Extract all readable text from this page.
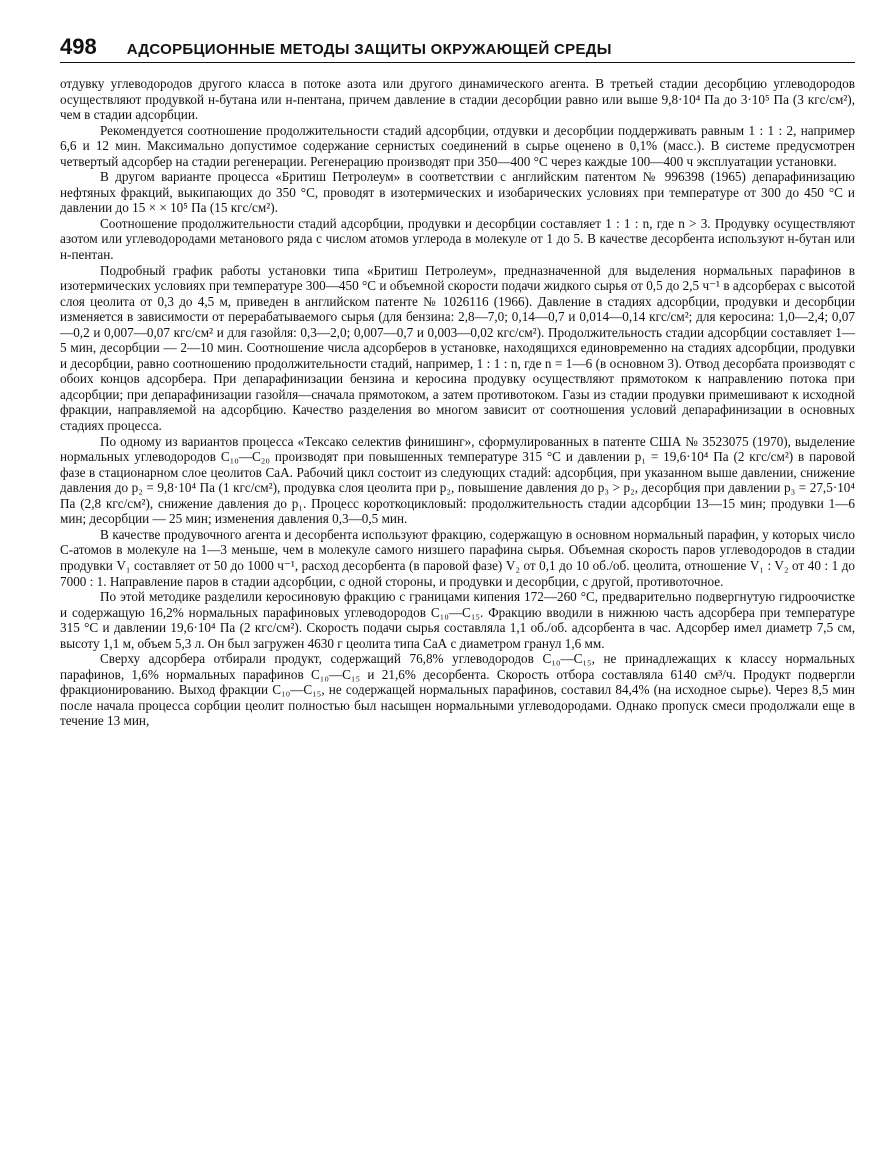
498 АДСОРБЦИОННЫЕ МЕТОДЫ ЗАЩИТЫ ОКРУЖАЮЩЕЙ СРЕДЫ

отдувку углеводородов другого класса в потоке азота или другого динамического агента. В третьей стадии десорбцию углеводородов осуществляют продувкой н-бутана или н-пентана, причем давление в стадии десорбции равно или выше 9,8·10⁴ Па до 3·10⁵ Па (3 кгс/см²), чем в стадии адсорбции.

Рекомендуется соотношение продолжительности стадий адсорбции, отдувки и десорбции поддерживать равным 1 : 1 : 2, например 6,6 и 12 мин. Максимально допустимое содержание сернистых соединений в сырье оценено в 0,1% (масс.). В системе предусмотрен четвертый адсорбер на стадии регенерации. Регенерацию производят при 350—400 °С через каждые 100—400 ч эксплуатации установки.

В другом варианте процесса «Бритиш Петролеум» в соответствии с английским патентом № 996398 (1965) депарафинизацию нефтяных фракций, выкипающих до 350 °С, проводят в изотермических и изобарических условиях при температуре от 300 до 450 °С и давлении до 15 × × 10⁵ Па (15 кгс/см²).

Соотношение продолжительности стадий адсорбции, продувки и десорбции составляет 1 : 1 : n, где n > 3. Продувку осуществляют азотом или углеводородами метанового ряда с числом атомов углерода в молекуле от 1 до 5. В качестве десорбента используют н-бутан или н-пентан.

Подробный график работы установки типа «Бритиш Петролеум», предназначенной для выделения нормальных парафинов в изотермических условиях при температуре 300—450 °С и объемной скорости подачи жидкого сырья от 0,5 до 2,5 ч⁻¹ в адсорберах с высотой слоя цеолита от 0,3 до 4,5 м, приведен в английском патенте № 1026116 (1966). Давление в стадиях адсорбции, продувки и десорбции изменяется в зависимости от перерабатываемого сырья (для бензина: 2,8—7,0; 0,14—0,7 и 0,014—0,14 кгс/см²; для керосина: 1,0—2,4; 0,07—0,2 и 0,007—0,07 кгс/см² и для газойля: 0,3—2,0; 0,007—0,7 и 0,003—0,02 кгс/см²). Продолжительность стадии адсорбции составляет 1—5 мин, десорбции — 2—10 мин. Соотношение числа адсорберов в установке, находящихся единовременно на стадиях адсорбции, продувки и десорбции, равно соотношению продолжительности стадий, например, 1 : 1 : n, где n = 1—6 (в основном 3). Отвод десорбата производят с обоих концов адсорбера. При депарафинизации бензина и керосина продувку осуществляют прямотоком к направлению потока при адсорбции; при депарафинизации газойля—сначала прямотоком, а затем противотоком. Газы из стадии продувки примешивают к исходной фракции, направляемой на адсорбцию. Качество разделения во многом зависит от соотношения условий депарафинизации в основных стадиях процесса.

По одному из вариантов процесса «Тексако селектив финишинг», сформулированных в патенте США № 3523075 (1970), выделение нормальных углеводородов C₁₀—C₂₀ производят при повышенных температуре 315 °С и давлении p₁ = 19,6·10⁴ Па (2 кгс/см²) в паровой фазе в стационарном слое цеолитов СаА. Рабочий цикл состоит из следующих стадий: адсорбция, при указанном выше давлении, снижение давления до p₂ = 9,8·10⁴ Па (1 кгс/см²), продувка слоя цеолита при p₂, повышение давления до p₃ > p₂, десорбция при давлении p₃ = 27,5·10⁴ Па (2,8 кгс/см²), снижение давления до p₁. Процесс короткоцикловый: продолжительность стадии адсорбции 13—15 мин; продувки 1—6 мин; десорбции — 25 мин; изменения давления 0,3—0,5 мин.

В качестве продувочного агента и десорбента используют фракцию, содержащую в основном нормальный парафин, у которых число С-атомов в молекуле на 1—3 меньше, чем в молекуле самого низшего парафина сырья. Объемная скорость паров углеводородов в стадии продувки V₁ составляет от 50 до 1000 ч⁻¹, расход десорбента (в паровой фазе) V₂ от 0,1 до 10 об./об. цеолита, отношение V₁ : V₂ от 40 : 1 до 7000 : 1. Направление паров в стадии адсорбции, с одной стороны, и продувки и десорбции, с другой, противоточное.

По этой методике разделили керосиновую фракцию с границами кипения 172—260 °С, предварительно подвергнутую гидроочистке и содержащую 16,2% нормальных парафиновых углеводородов C₁₀—C₁₅. Фракцию вводили в нижнюю часть адсорбера при температуре 315 °С и давлении 19,6·10⁴ Па (2 кгс/см²). Скорость подачи сырья составляла 1,1 об./об. адсорбента в час. Адсорбер имел диаметр 7,5 см, высоту 1,1 м, объем 5,3 л. Он был загружен 4630 г цеолита типа СаА с диаметром гранул 1,6 мм.

Сверху адсорбера отбирали продукт, содержащий 76,8% углеводородов C₁₀—C₁₅, не принадлежащих к классу нормальных парафинов, 1,6% нормальных парафинов C₁₀—C₁₅ и 21,6% десорбента. Скорость отбора составляла 6140 см³/ч. Продукт подвергли фракционированию. Выход фракции C₁₀—C₁₅, не содержащей нормальных парафинов, составил 84,4% (на исходное сырье). Через 8,5 мин после начала процесса сорбции цеолит полностью был насыщен нормальными углеводородами. Однако пропуск смеси продолжали еще в течение 13 мин,
